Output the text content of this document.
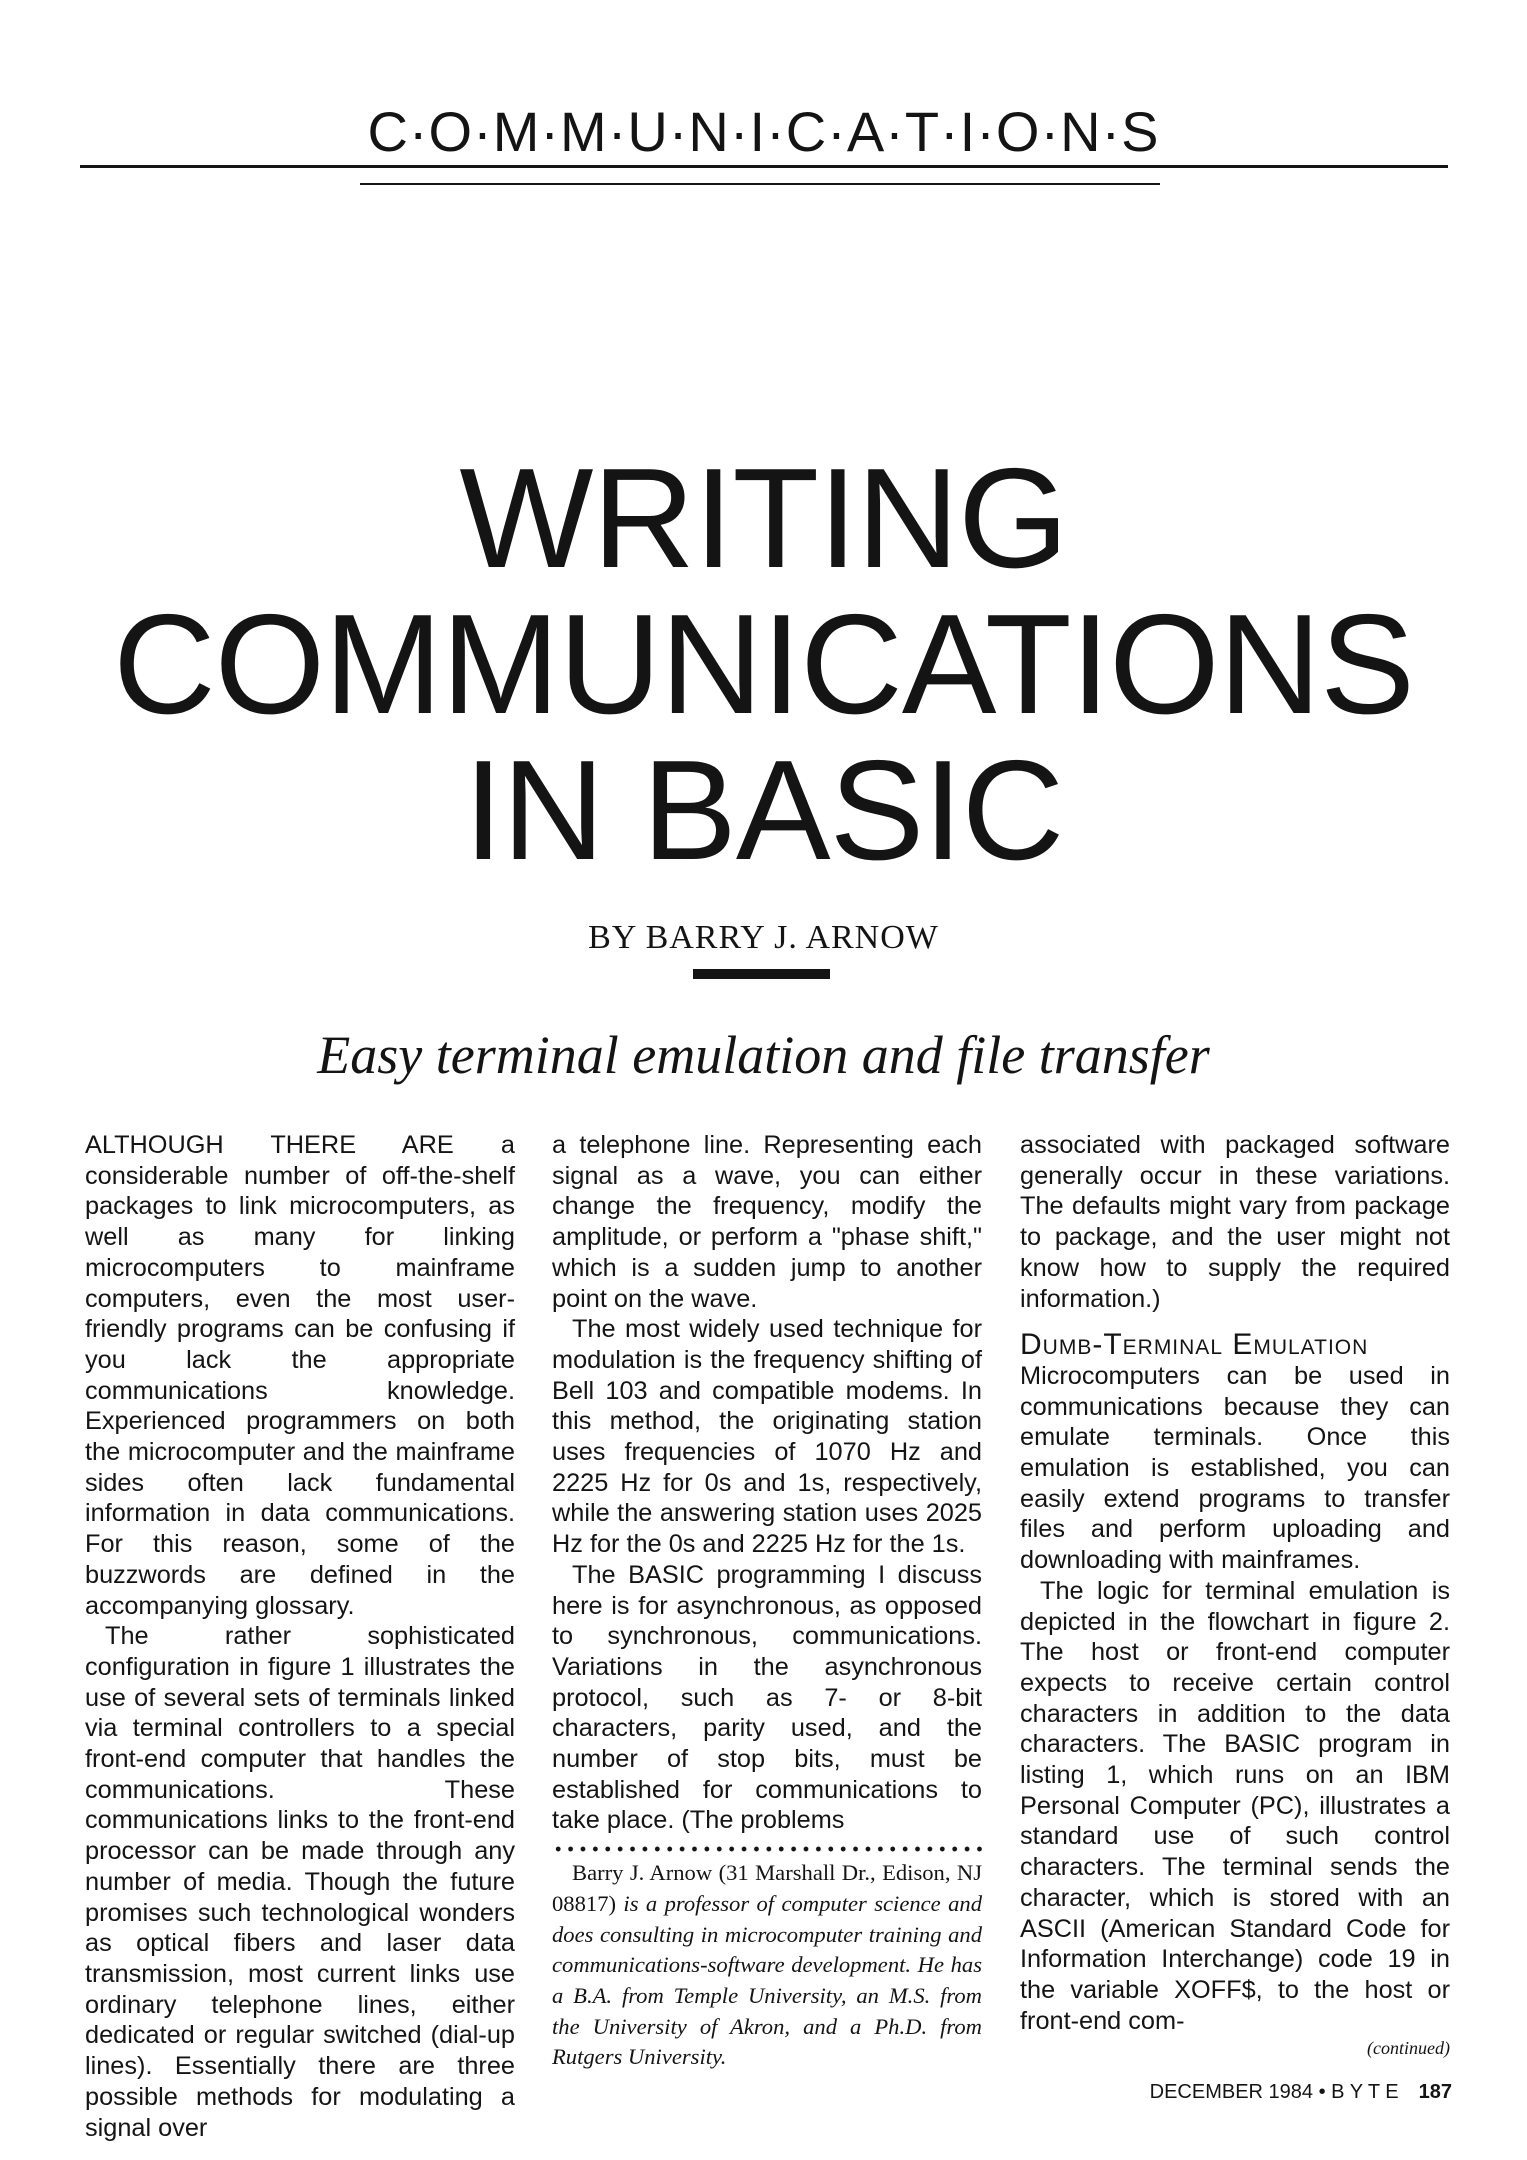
C·O·M·M·U·N·I·C·A·T·I·O·N·S
WRITING
COMMUNICATIONS
IN BASIC
BY BARRY J. ARNOW
Easy terminal emulation and file transfer

ALTHOUGH THERE ARE a considerable number of off-the-shelf packages to link microcomputers, as well as many for linking microcomputers to mainframe computers, even the most user-friendly programs can be confusing if you lack the appropriate communications knowledge. Experienced programmers on both the microcomputer and the mainframe sides often lack fundamental information in data communications. For this reason, some of the buzzwords are defined in the accompanying glossary.

The rather sophisticated configuration in figure 1 illustrates the use of several sets of terminals linked via terminal controllers to a special front-end computer that handles the communications. These communications links to the front-end processor can be made through any number of media. Though the future promises such technological wonders as optical fibers and laser data transmission, most current links use ordinary telephone lines, either dedicated or regular switched (dial-up lines). Essentially there are three possible methods for modulating a signal over

a telephone line. Representing each signal as a wave, you can either change the frequency, modify the amplitude, or perform a "phase shift," which is a sudden jump to another point on the wave.

The most widely used technique for modulation is the frequency shifting of Bell 103 and compatible modems. In this method, the originating station uses frequencies of 1070 Hz and 2225 Hz for 0s and 1s, respectively, while the answering station uses 2025 Hz for the 0s and 2225 Hz for the 1s.

The BASIC programming I discuss here is for asynchronous, as opposed to synchronous, communications. Variations in the asynchronous protocol, such as 7- or 8-bit characters, parity used, and the number of stop bits, must be established for communications to take place. (The problems

Barry J. Arnow (31 Marshall Dr., Edison, NJ 08817) is a professor of computer science and does consulting in microcomputer training and communications-software development. He has a B.A. from Temple University, an M.S. from the University of Akron, and a Ph.D. from Rutgers University.

associated with packaged software generally occur in these variations. The defaults might vary from package to package, and the user might not know how to supply the required information.)

Dumb-Terminal Emulation

Microcomputers can be used in communications because they can emulate terminals. Once this emulation is established, you can easily extend programs to transfer files and perform uploading and downloading with mainframes.

The logic for terminal emulation is depicted in the flowchart in figure 2. The host or front-end computer expects to receive certain control characters in addition to the data characters. The BASIC program in listing 1, which runs on an IBM Personal Computer (PC), illustrates a standard use of such control characters. The terminal sends the character, which is stored with an ASCII (American Standard Code for Information Interchange) code 19 in the variable XOFF$, to the host or front-end com-

(continued)
DECEMBER 1984 • B Y T E 187
